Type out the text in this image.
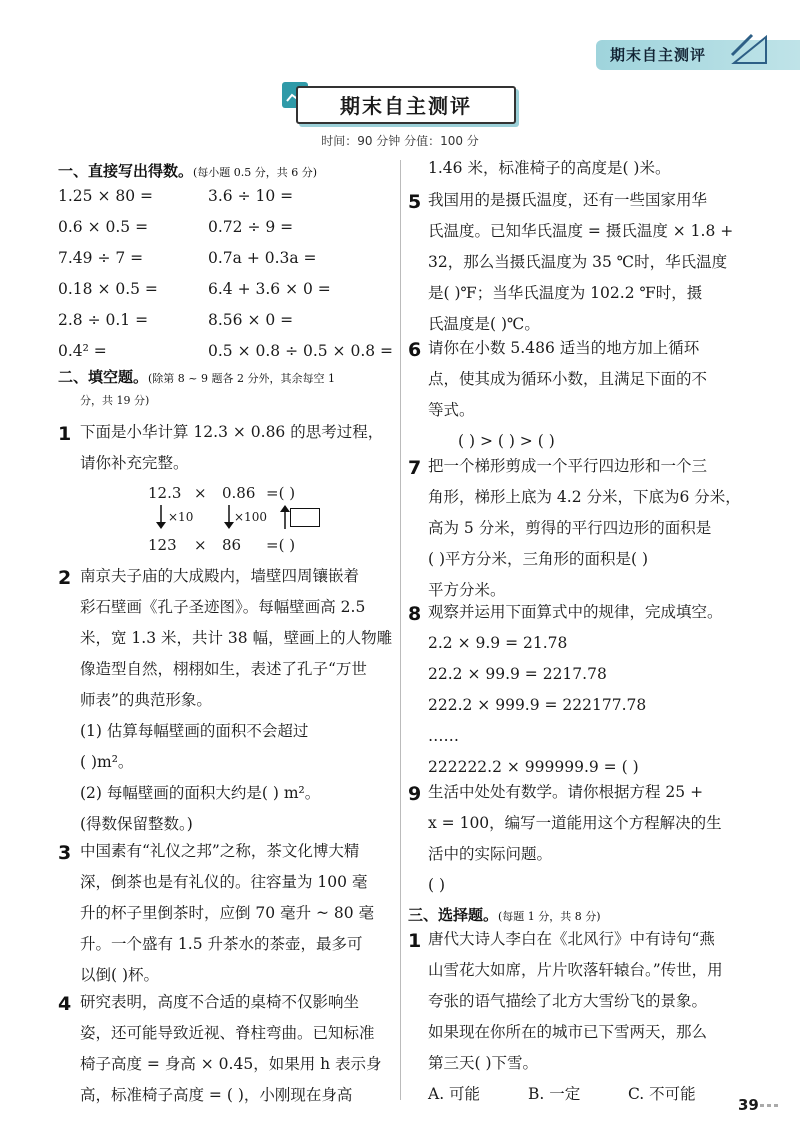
期末自主测评
期末自主测评
时间：90 分钟 分值：100 分
一、直接写出得数。(每小题 0.5 分，共 6 分)
1.25 × 80 =	3.6 ÷ 10 =

0.6 × 0.5 =	0.72 ÷ 9 =

7.49 ÷ 7 =	0.7a + 0.3a =

0.18 × 0.5 =	6.4 + 3.6 × 0 =

2.8 ÷ 0.1 =	8.56 × 0 =

0.4² =	0.5 × 0.8 ÷ 0.5 × 0.8 =

二、填空题。(除第 8 ~ 9 题各 2 分外，其余每空 1
分，共 19 分)
1 下面是小华计算 12.3 × 0.86 的思考过程，
请你补充完整。
12.3 × 0.86 =( )
×10	×100
123 × 86 =( )
2 南京夫子庙的大成殿内，墙壁四周镶嵌着
彩石壁画《孔子圣迹图》。每幅壁画高 2.5
米，宽 1.3 米，共计 38 幅，壁画上的人物雕
像造型自然，栩栩如生，表述了孔子“万世
师表”的典范形象。
(1) 估算每幅壁画的面积不会超过
( )m²。
(2) 每幅壁画的面积大约是( ) m²。
(得数保留整数。)
3 中国素有“礼仪之邦”之称，茶文化博大精
深，倒茶也是有礼仪的。往容量为 100 毫
升的杯子里倒茶时，应倒 70 毫升 ~ 80 毫
升。一个盛有 1.5 升茶水的茶壶，最多可
以倒( )杯。
4 研究表明，高度不合适的桌椅不仅影响坐
姿，还可能导致近视、脊柱弯曲。已知标准
椅子高度 = 身高 × 0.45，如果用 h 表示身
高，标准椅子高度 = ( )，小刚现在身高
1.46 米，标准椅子的高度是( )米。
5 我国用的是摄氏温度，还有一些国家用华
氏温度。已知华氏温度 = 摄氏温度 × 1.8 +
32，那么当摄氏温度为 35 ℃时，华氏温度
是( )℉；当华氏温度为 102.2 ℉时，摄
氏温度是( )℃。
6 请你在小数 5.486 适当的地方加上循环
点，使其成为循环小数，且满足下面的不
等式。
( ) > ( ) > ( )
7 把一个梯形剪成一个平行四边形和一个三
角形，梯形上底为 4.2 分米，下底为6 分米，
高为 5 分米，剪得的平行四边形的面积是
( )平方分米，三角形的面积是( )
平方分米。
8 观察并运用下面算式中的规律，完成填空。
2.2 × 9.9 = 21.78
22.2 × 99.9 = 2217.78
222.2 × 999.9 = 222177.78
……
222222.2 × 999999.9 = ( )
9 生活中处处有数学。请你根据方程 25 +
x = 100，编写一道能用这个方程解决的生
活中的实际问题。
( )
三、选择题。(每题 1 分，共 8 分)
1 唐代大诗人李白在《北风行》中有诗句“燕
山雪花大如席，片片吹落轩辕台。”传世，用
夸张的语气描绘了北方大雪纷飞的景象。
如果现在你所在的城市已下雪两天，那么
第三天( )下雪。
A. 可能	B. 一定	C. 不可能
39
